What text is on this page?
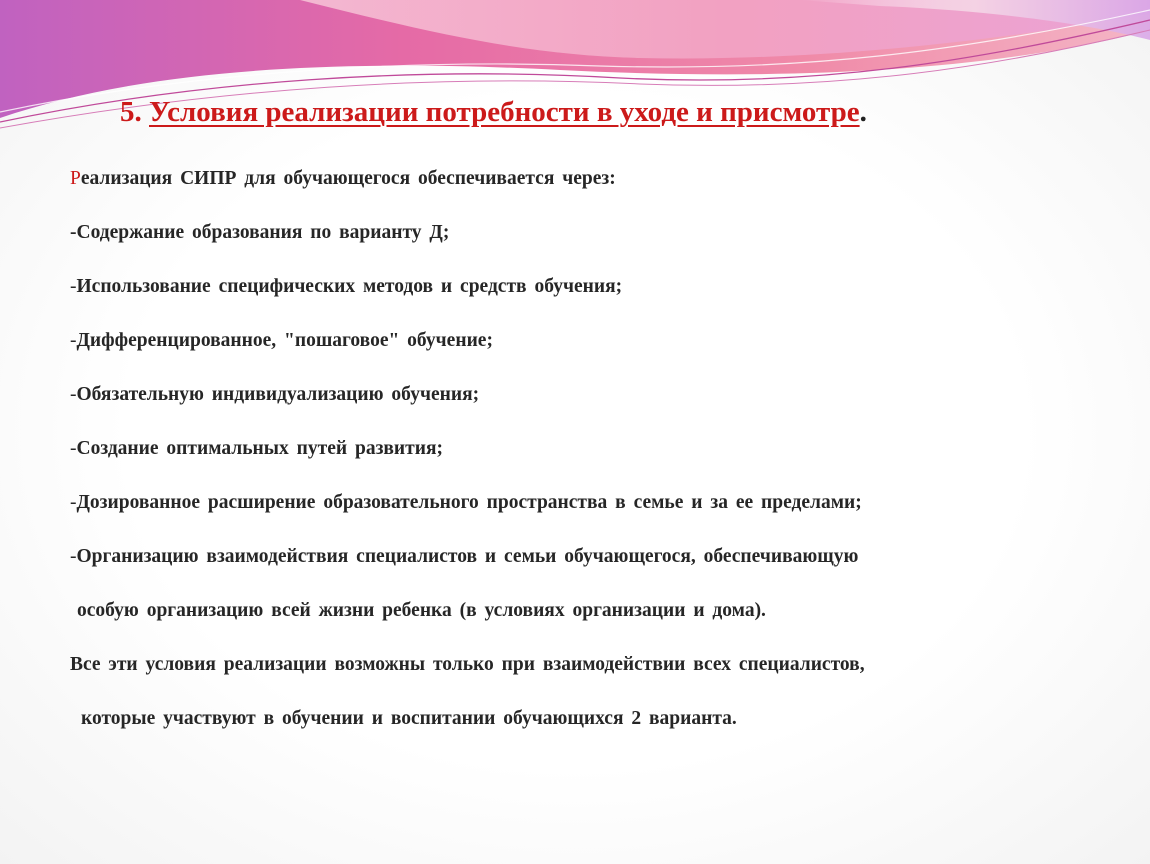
5. Условия реализации потребности в уходе и присмотре.
Реализация СИПР для обучающегося обеспечивается через:
-Содержание образования по варианту Д;
-Использование специфических методов и средств обучения;
-Дифференцированное, "пошаговое" обучение;
-Обязательную индивидуализацию обучения;
-Создание оптимальных путей развития;
-Дозированное расширение образовательного пространства в семье и за ее пределами;
-Организацию взаимодействия специалистов и семьи обучающегося, обеспечивающую
особую организацию всей жизни ребенка (в условиях организации и дома).
Все эти условия реализации возможны только при взаимодействии всех специалистов,
которые участвуют в обучении и воспитании обучающихся 2 варианта.
